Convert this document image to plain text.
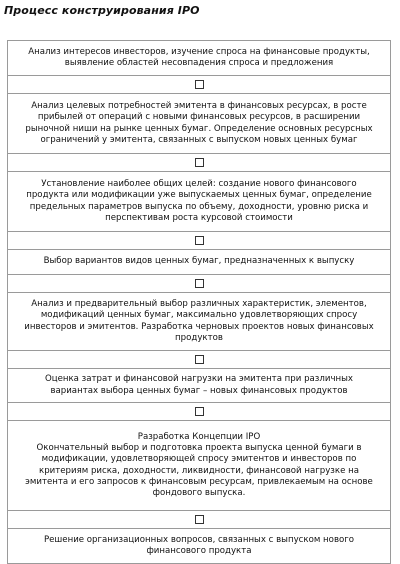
Процесс конструирования IPO
Анализ интересов инвесторов, изучение спроса на финансовые продукты,
выявление областей несовпадения спроса и предложения
Анализ целевых потребностей эмитента в финансовых ресурсах, в росте
прибылей от операций с новыми финансовых ресурсов, в расширении
рыночной ниши на рынке ценных бумаг. Определение основных ресурсных
ограничений у эмитента, связанных с выпуском новых ценных бумаг
Установление наиболее общих целей: создание нового финансового
продукта или модификации уже выпускаемых ценных бумаг, определение
предельных параметров выпуска по объему, доходности, уровню риска и
перспективам роста курсовой стоимости
Выбор вариантов видов ценных бумаг, предназначенных к выпуску
Анализ и предварительный выбор различных характеристик, элементов,
модификаций ценных бумаг, максимально удовлетворяющих спросу
инвесторов и эмитентов. Разработка черновых проектов новых финансовых
продуктов
Оценка затрат и финансовой нагрузки на эмитента при различных
вариантах выбора ценных бумаг – новых финансовых продуктов
Разработка Концепции IPO
Окончательный выбор и подготовка проекта выпуска ценной бумаги в
модификации, удовлетворяющей спросу эмитентов и инвесторов по
критериям риска, доходности, ликвидности, финансовой нагрузке на
эмитента и его запросов к финансовым ресурсам, привлекаемым на основе
фондового выпуска.
Решение организационных вопросов, связанных с выпуском нового
финансового продукта
